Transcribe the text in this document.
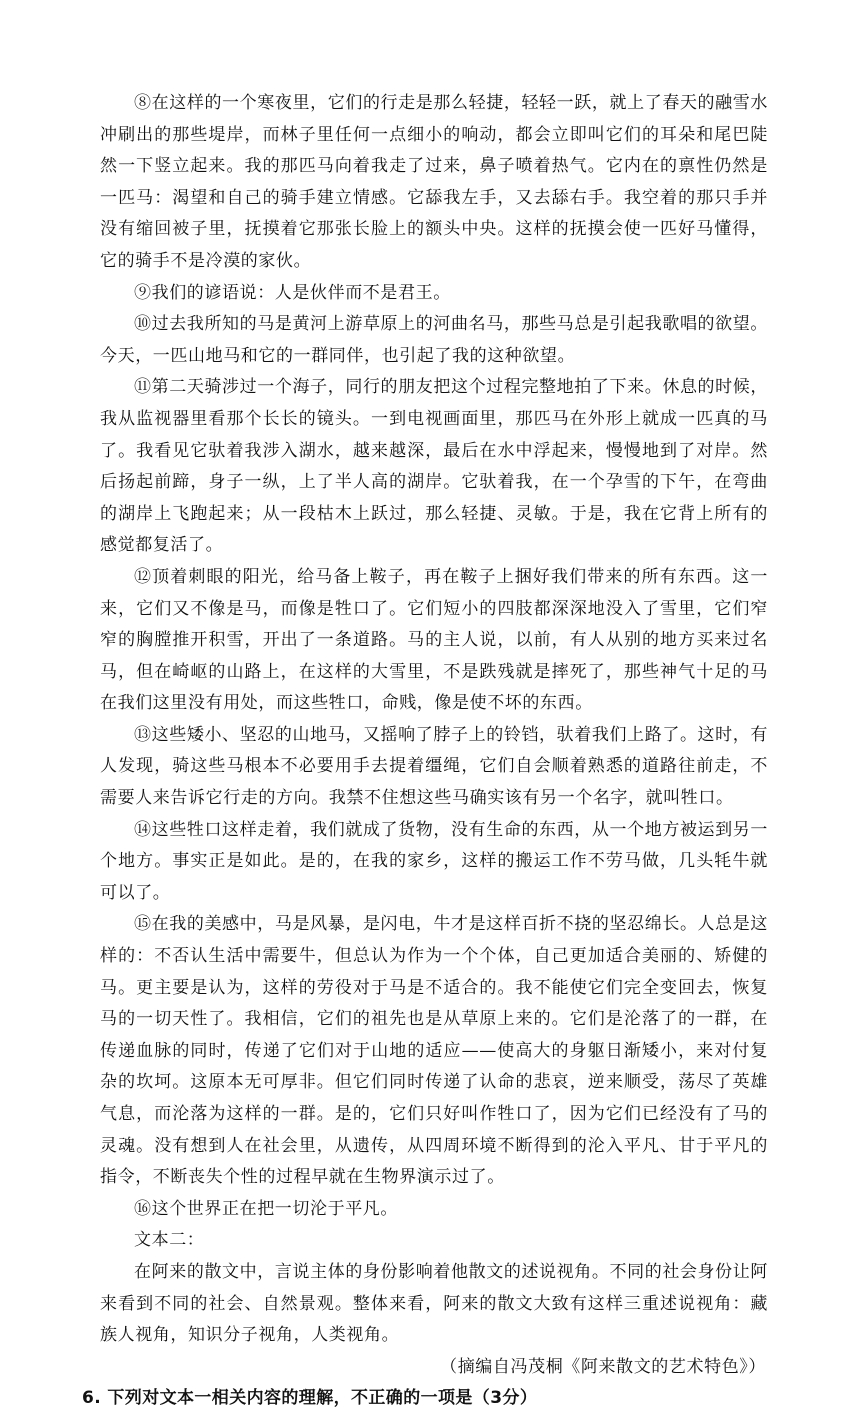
⑧在这样的一个寒夜里，它们的行走是那么轻捷，轻轻一跃，就上了春天的融雪水冲刷出的那些堤岸，而林子里任何一点细小的响动，都会立即叫它们的耳朵和尾巴陡然一下竖立起来。我的那匹马向着我走了过来，鼻子喷着热气。它内在的禀性仍然是一匹马：渴望和自己的骑手建立情感。它舔我左手，又去舔右手。我空着的那只手并没有缩回被子里，抚摸着它那张长脸上的额头中央。这样的抚摸会使一匹好马懂得，它的骑手不是冷漠的家伙。

⑨我们的谚语说：人是伙伴而不是君王。

⑩过去我所知的马是黄河上游草原上的河曲名马，那些马总是引起我歌唱的欲望。今天，一匹山地马和它的一群同伴，也引起了我的这种欲望。

⑪第二天骑涉过一个海子，同行的朋友把这个过程完整地拍了下来。休息的时候，我从监视器里看那个长长的镜头。一到电视画面里，那匹马在外形上就成一匹真的马了。我看见它驮着我涉入湖水，越来越深，最后在水中浮起来，慢慢地到了对岸。然后扬起前蹄，身子一纵，上了半人高的湖岸。它驮着我，在一个孕雪的下午，在弯曲的湖岸上飞跑起来；从一段枯木上跃过，那么轻捷、灵敏。于是，我在它背上所有的感觉都复活了。

⑫顶着刺眼的阳光，给马备上鞍子，再在鞍子上捆好我们带来的所有东西。这一来，它们又不像是马，而像是牲口了。它们短小的四肢都深深地没入了雪里，它们窄窄的胸膛推开积雪，开出了一条道路。马的主人说，以前，有人从别的地方买来过名马，但在崎岖的山路上，在这样的大雪里，不是跌残就是摔死了，那些神气十足的马在我们这里没有用处，而这些牲口，命贱，像是使不坏的东西。

⑬这些矮小、坚忍的山地马，又摇响了脖子上的铃铛，驮着我们上路了。这时，有人发现，骑这些马根本不必要用手去提着缰绳，它们自会顺着熟悉的道路往前走，不需要人来告诉它行走的方向。我禁不住想这些马确实该有另一个名字，就叫牲口。

⑭这些牲口这样走着，我们就成了货物，没有生命的东西，从一个地方被运到另一个地方。事实正是如此。是的，在我的家乡，这样的搬运工作不劳马做，几头牦牛就可以了。

⑮在我的美感中，马是风暴，是闪电，牛才是这样百折不挠的坚忍绵长。人总是这样的：不否认生活中需要牛，但总认为作为一个个体，自己更加适合美丽的、矫健的马。更主要是认为，这样的劳役对于马是不适合的。我不能使它们完全变回去，恢复马的一切天性了。我相信，它们的祖先也是从草原上来的。它们是沦落了的一群，在传递血脉的同时，传递了它们对于山地的适应——使高大的身躯日渐矮小，来对付复杂的坎坷。这原本无可厚非。但它们同时传递了认命的悲哀，逆来顺受，荡尽了英雄气息，而沦落为这样的一群。是的，它们只好叫作牲口了，因为它们已经没有了马的灵魂。没有想到人在社会里，从遗传，从四周环境不断得到的沦入平凡、甘于平凡的指令，不断丧失个性的过程早就在生物界演示过了。

⑯这个世界正在把一切沦于平凡。

文本二：

在阿来的散文中，言说主体的身份影响着他散文的述说视角。不同的社会身份让阿来看到不同的社会、自然景观。整体来看，阿来的散文大致有这样三重述说视角：藏族人视角，知识分子视角，人类视角。

（摘编自冯茂桐《阿来散文的艺术特色》）

6. 下列对文本一相关内容的理解，不正确的一项是（3分）
